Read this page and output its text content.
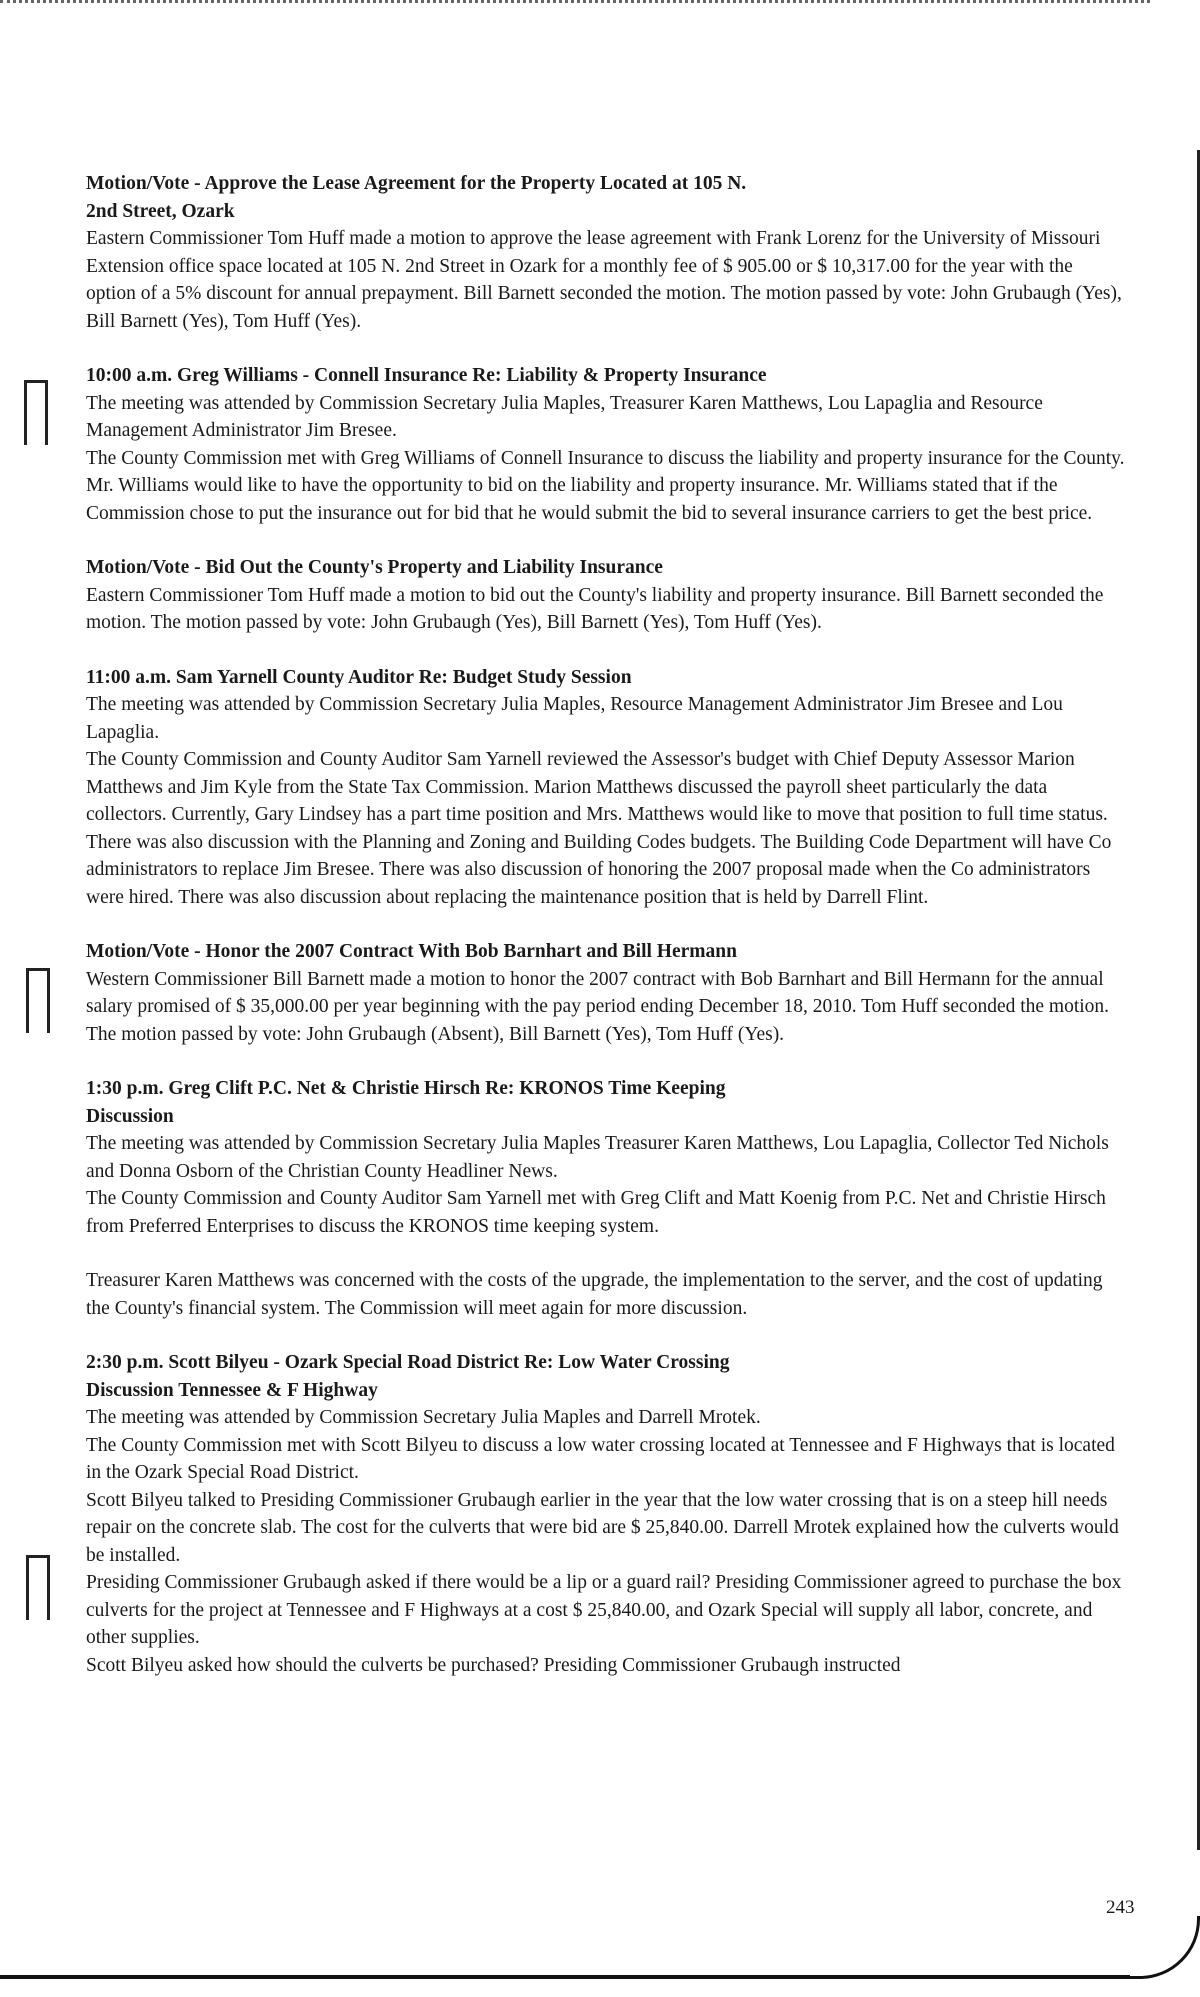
Motion/Vote - Approve the Lease Agreement for the Property Located at 105 N.
2nd Street, Ozark
Eastern Commissioner Tom Huff made a motion to approve the lease agreement with Frank Lorenz for the University of Missouri Extension office space located at 105 N. 2nd Street in Ozark for a monthly fee of $ 905.00 or $ 10,317.00 for the year with the option of a 5% discount for annual prepayment. Bill Barnett seconded the motion. The motion passed by vote: John Grubaugh (Yes), Bill Barnett (Yes), Tom Huff (Yes).
10:00 a.m. Greg Williams - Connell Insurance Re: Liability & Property Insurance
The meeting was attended by Commission Secretary Julia Maples, Treasurer Karen Matthews, Lou Lapaglia and Resource Management Administrator Jim Bresee.
The County Commission met with Greg Williams of Connell Insurance to discuss the liability and property insurance for the County. Mr. Williams would like to have the opportunity to bid on the liability and property insurance. Mr. Williams stated that if the Commission chose to put the insurance out for bid that he would submit the bid to several insurance carriers to get the best price.
Motion/Vote - Bid Out the County's Property and Liability Insurance
Eastern Commissioner Tom Huff made a motion to bid out the County's liability and property insurance. Bill Barnett seconded the motion. The motion passed by vote: John Grubaugh (Yes), Bill Barnett (Yes), Tom Huff (Yes).
11:00 a.m. Sam Yarnell County Auditor Re: Budget Study Session
The meeting was attended by Commission Secretary Julia Maples, Resource Management Administrator Jim Bresee and Lou Lapaglia.
The County Commission and County Auditor Sam Yarnell reviewed the Assessor's budget with Chief Deputy Assessor Marion Matthews and Jim Kyle from the State Tax Commission. Marion Matthews discussed the payroll sheet particularly the data collectors. Currently, Gary Lindsey has a part time position and Mrs. Matthews would like to move that position to full time status. There was also discussion with the Planning and Zoning and Building Codes budgets. The Building Code Department will have Co administrators to replace Jim Bresee. There was also discussion of honoring the 2007 proposal made when the Co administrators were hired. There was also discussion about replacing the maintenance position that is held by Darrell Flint.
Motion/Vote - Honor the 2007 Contract With Bob Barnhart and Bill Hermann
Western Commissioner Bill Barnett made a motion to honor the 2007 contract with Bob Barnhart and Bill Hermann for the annual salary promised of $ 35,000.00 per year beginning with the pay period ending December 18, 2010. Tom Huff seconded the motion. The motion passed by vote: John Grubaugh (Absent), Bill Barnett (Yes), Tom Huff (Yes).
1:30 p.m. Greg Clift P.C. Net & Christie Hirsch Re: KRONOS Time Keeping
Discussion
The meeting was attended by Commission Secretary Julia Maples Treasurer Karen Matthews, Lou Lapaglia, Collector Ted Nichols and Donna Osborn of the Christian County Headliner News.
The County Commission and County Auditor Sam Yarnell met with Greg Clift and Matt Koenig from P.C. Net and Christie Hirsch from Preferred Enterprises to discuss the KRONOS time keeping system.
Treasurer Karen Matthews was concerned with the costs of the upgrade, the implementation to the server, and the cost of updating the County's financial system. The Commission will meet again for more discussion.
2:30 p.m. Scott Bilyeu - Ozark Special Road District Re: Low Water Crossing
Discussion Tennessee & F Highway
The meeting was attended by Commission Secretary Julia Maples and Darrell Mrotek.
The County Commission met with Scott Bilyeu to discuss a low water crossing located at Tennessee and F Highways that is located in the Ozark Special Road District.
Scott Bilyeu talked to Presiding Commissioner Grubaugh earlier in the year that the low water crossing that is on a steep hill needs repair on the concrete slab. The cost for the culverts that were bid are $ 25,840.00. Darrell Mrotek explained how the culverts would be installed.
Presiding Commissioner Grubaugh asked if there would be a lip or a guard rail? Presiding Commissioner agreed to purchase the box culverts for the project at Tennessee and F Highways at a cost $ 25,840.00, and Ozark Special will supply all labor, concrete, and other supplies.
Scott Bilyeu asked how should the culverts be purchased? Presiding Commissioner Grubaugh instructed
243
